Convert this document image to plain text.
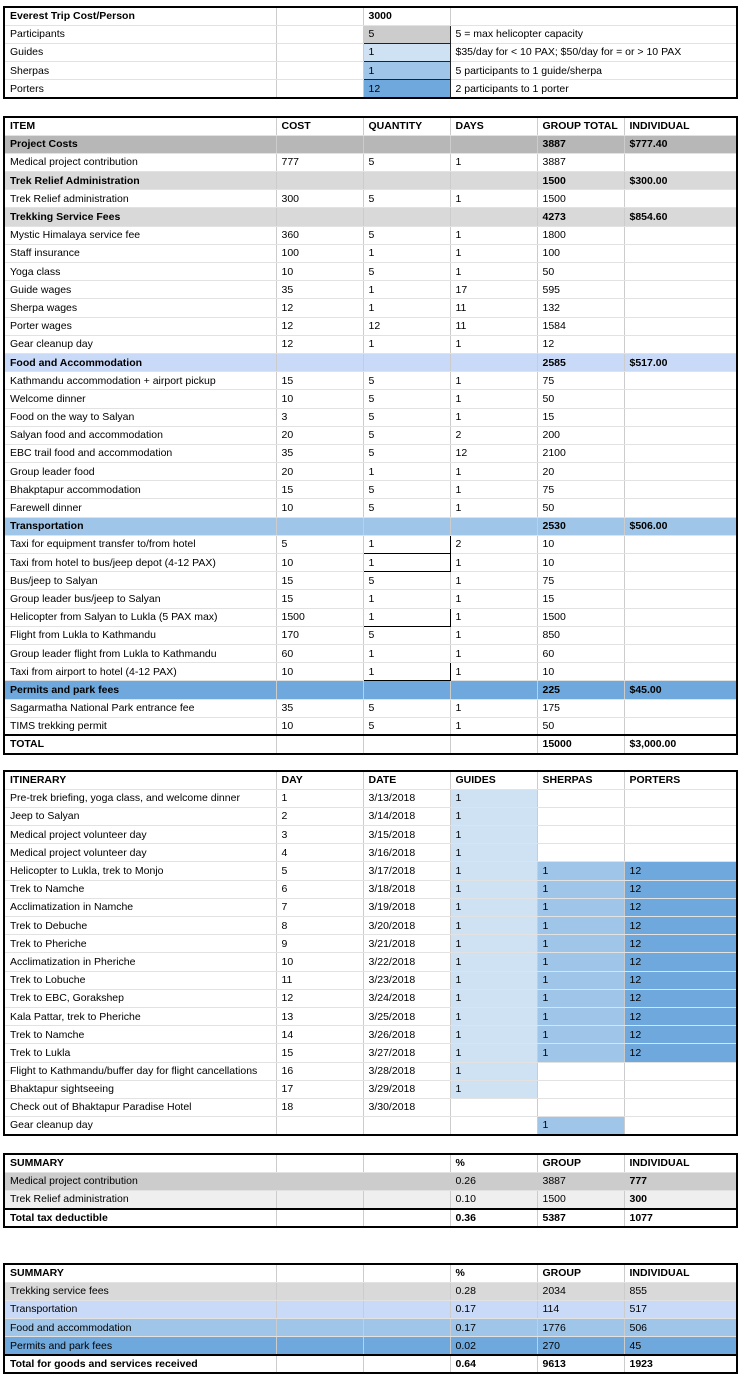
Everest Trip Cost/Person		3000	
Participants		5	5 = max helicopter capacity
Guides		1	$35/day for < 10 PAX; $50/day for = or > 10 PAX
Sherpas		1	5 participants to 1 guide/sherpa
Porters		12	2 participants to 1 porter
ITEM	COST	QUANTITY	DAYS	GROUP TOTAL	INDIVIDUAL
Project Costs				3887	$777.40
Medical project contribution	777	5	1	3887	
Trek Relief Administration				1500	$300.00
Trek Relief administration	300	5	1	1500	
Trekking Service Fees				4273	$854.60
Mystic Himalaya service fee	360	5	1	1800	
Staff insurance	100	1	1	100	
Yoga class	10	5	1	50	
Guide wages	35	1	17	595	
Sherpa wages	12	1	11	132	
Porter wages	12	12	11	1584	
Gear cleanup day	12	1	1	12	
Food and Accommodation				2585	$517.00
Kathmandu accommodation + airport pickup	15	5	1	75	
Welcome dinner	10	5	1	50	
Food on the way to Salyan	3	5	1	15	
Salyan food and accommodation	20	5	2	200	
EBC trail food and accommodation	35	5	12	2100	
Group leader food	20	1	1	20	
Bhakptapur accommodation	15	5	1	75	
Farewell dinner	10	5	1	50	
Transportation				2530	$506.00
Taxi for equipment transfer to/from hotel	5	1	2	10	
Taxi from hotel to bus/jeep depot (4-12 PAX)	10	1	1	10	
Bus/jeep to Salyan	15	5	1	75	
Group leader bus/jeep to Salyan	15	1	1	15	
Helicopter from Salyan to Lukla (5 PAX max)	1500	1	1	1500	
Flight from Lukla to Kathmandu	170	5	1	850	
Group leader flight from Lukla to Kathmandu	60	1	1	60	
Taxi from airport to hotel (4-12 PAX)	10	1	1	10	
Permits and park fees				225	$45.00
Sagarmatha National Park entrance fee	35	5	1	175	
TIMS trekking permit	10	5	1	50	
TOTAL				15000	$3,000.00
ITINERARY	DAY	DATE	GUIDES	SHERPAS	PORTERS
Pre-trek briefing, yoga class, and welcome dinner	1	3/13/2018	1		
Jeep to Salyan	2	3/14/2018	1		
Medical project volunteer day	3	3/15/2018	1		
Medical project volunteer day	4	3/16/2018	1		
Helicopter to Lukla, trek to Monjo	5	3/17/2018	1	1	12
Trek to Namche	6	3/18/2018	1	1	12
Acclimatization in Namche	7	3/19/2018	1	1	12
Trek to Debuche	8	3/20/2018	1	1	12
Trek to Pheriche	9	3/21/2018	1	1	12
Acclimatization in Pheriche	10	3/22/2018	1	1	12
Trek to Lobuche	11	3/23/2018	1	1	12
Trek to EBC, Gorakshep	12	3/24/2018	1	1	12
Kala Pattar, trek to Pheriche	13	3/25/2018	1	1	12
Trek to Namche	14	3/26/2018	1	1	12
Trek to Lukla	15	3/27/2018	1	1	12
Flight to Kathmandu/buffer day for flight cancellations	16	3/28/2018	1		
Bhaktapur sightseeing	17	3/29/2018	1		
Check out of Bhaktapur Paradise Hotel	18	3/30/2018			
Gear cleanup day				1	
SUMMARY			%	GROUP	INDIVIDUAL
Medical project contribution			0.26	3887	777
Trek Relief administration			0.10	1500	300
Total tax deductible			0.36	5387	1077
SUMMARY			%	GROUP	INDIVIDUAL
Trekking service fees			0.28	2034	855
Transportation			0.17	114	517
Food and accommodation			0.17	1776	506
Permits and park fees			0.02	270	45
Total for goods and services received			0.64	9613	1923
